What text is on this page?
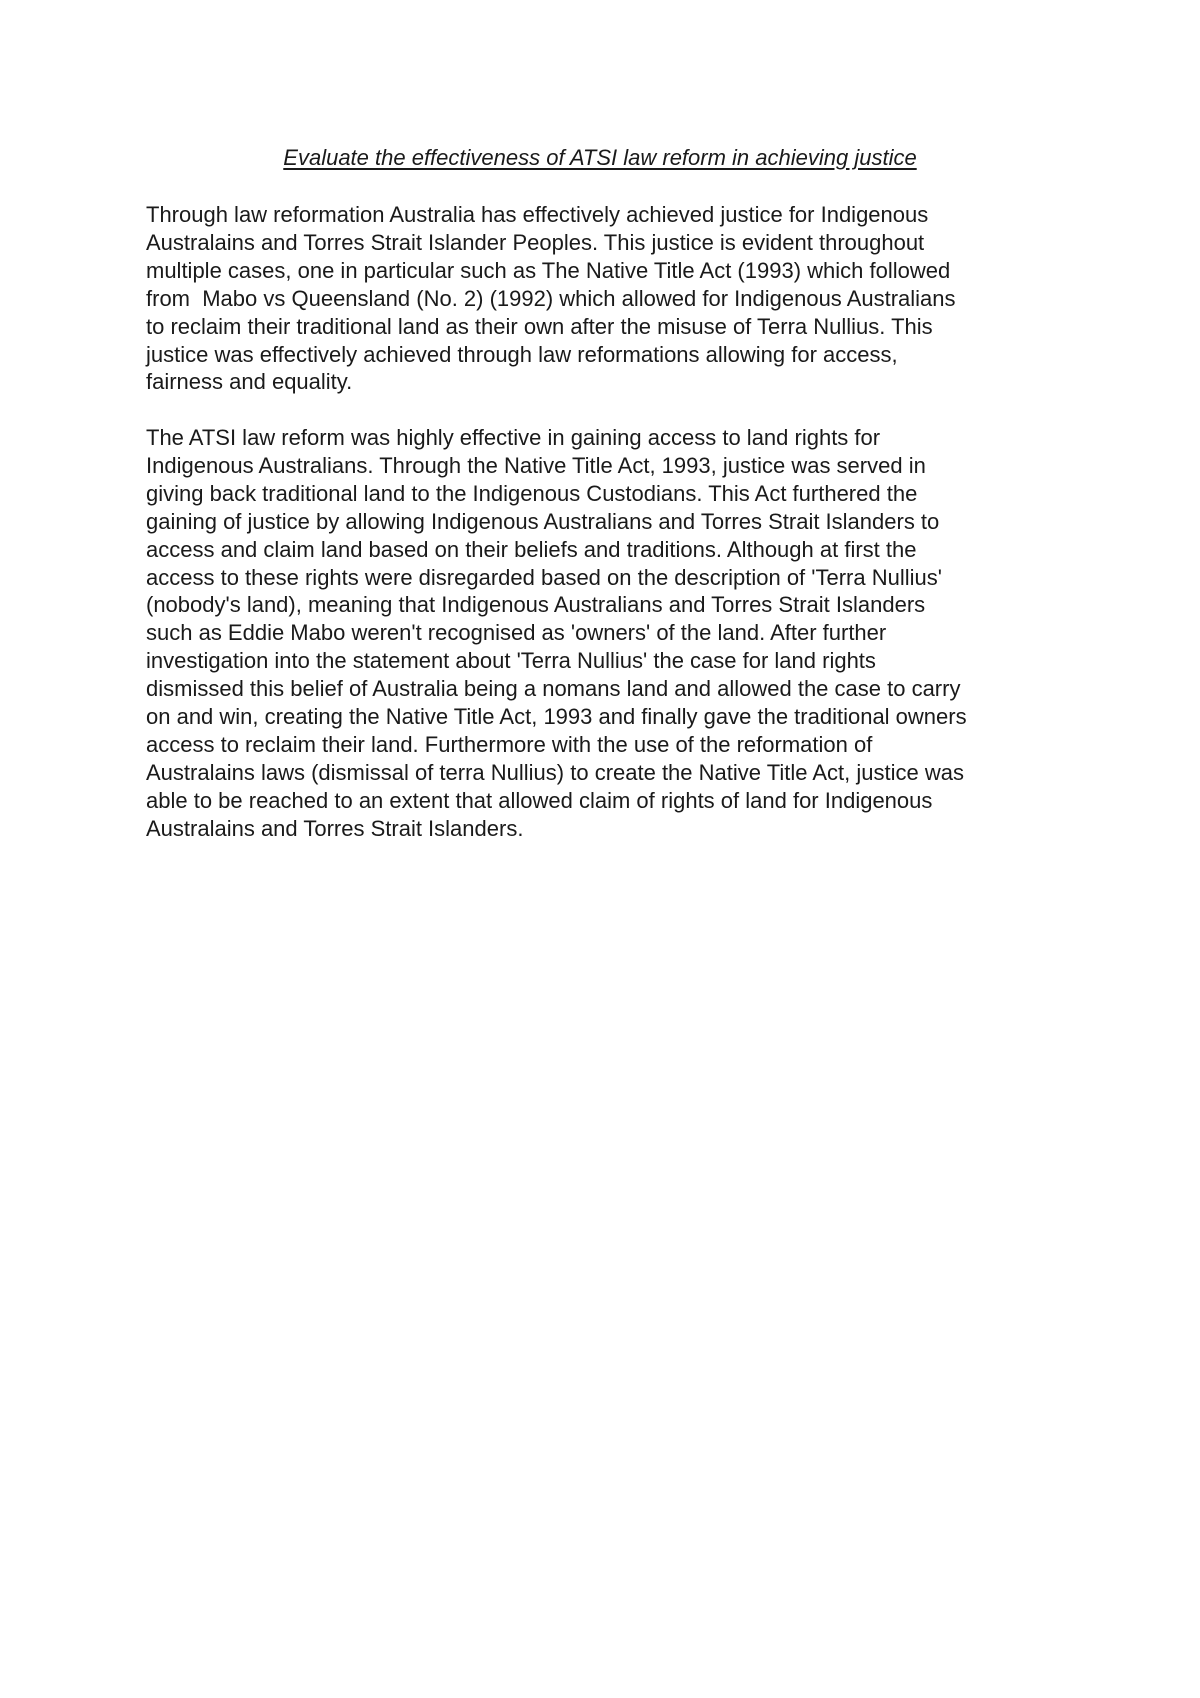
Evaluate the effectiveness of ATSI law reform in achieving justice

Through law reformation Australia has effectively achieved justice for Indigenous
Australains and Torres Strait Islander Peoples. This justice is evident throughout
multiple cases, one in particular such as The Native Title Act (1993) which followed
from  Mabo vs Queensland (No. 2) (1992) which allowed for Indigenous Australians
to reclaim their traditional land as their own after the misuse of Terra Nullius. This
justice was effectively achieved through law reformations allowing for access,
fairness and equality.

The ATSI law reform was highly effective in gaining access to land rights for
Indigenous Australians. Through the Native Title Act, 1993, justice was served in
giving back traditional land to the Indigenous Custodians. This Act furthered the
gaining of justice by allowing Indigenous Australians and Torres Strait Islanders to
access and claim land based on their beliefs and traditions. Although at first the
access to these rights were disregarded based on the description of 'Terra Nullius'
(nobody's land), meaning that Indigenous Australians and Torres Strait Islanders
such as Eddie Mabo weren't recognised as 'owners' of the land. After further
investigation into the statement about 'Terra Nullius' the case for land rights
dismissed this belief of Australia being a nomans land and allowed the case to carry
on and win, creating the Native Title Act, 1993 and finally gave the traditional owners
access to reclaim their land. Furthermore with the use of the reformation of
Australains laws (dismissal of terra Nullius) to create the Native Title Act, justice was
able to be reached to an extent that allowed claim of rights of land for Indigenous
Australains and Torres Strait Islanders.
